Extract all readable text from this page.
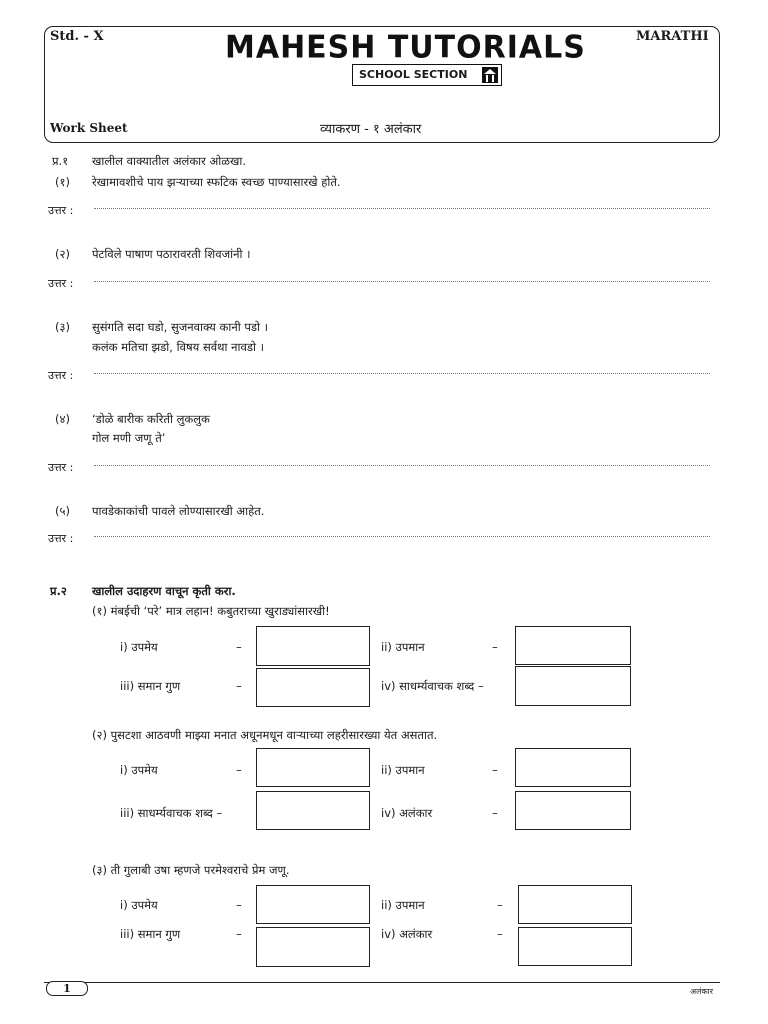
Std. - X	MARATHI
MAHESH TUTORIALS
SCHOOL SECTION
Work Sheet	व्याकरण - १ अलंकार
प्र.१ खालील वाक्यातील अलंकार ओळखा.
(१) रेखामावशीचे पाय झऱ्याच्या स्फटिक स्वच्छ पाण्यासारखे होते.
उत्तर :
(२) पेटविले पाषाण पठारावरती शिवजांनी ।
उत्तर :
(३) सुसंगति सदा घडो, सुजनवाक्य कानी पडो ।
कलंक मतिचा झडो, विषय सर्वथा नावडो ।
उत्तर :
(४) ‘डोळे बारीक करिती लुकलुक
गोल मणी जणू ते’
उत्तर :
(५) पावडेकाकांची पावले लोण्यासारखी आहेत.
उत्तर :
प्र.२ खालील उदाहरण वाचून कृती करा.
(१) मंबईची ‘परे’ मात्र लहान! कबुतराच्या खुराड्यांसारखी!
i) उपमेय	–	ii) उपमान	–
iii) समान गुण	–	iv) साधर्म्यवाचक शब्द –
(२) पुसटशा आठवणी माझ्या मनात अधूनमधून वाऱ्याच्या लहरीसारख्या येत असतात.
i) उपमेय	–	ii) उपमान	–
iii) साधर्म्यवाचक शब्द –	iv) अलंकार	–
(३) ती गुलाबी उषा म्हणजे परमेश्वराचे प्रेम जणू.
i) उपमेय	–	ii) उपमान	–
iii) समान गुण	–	iv) अलंकार	–
1	अलंकार
